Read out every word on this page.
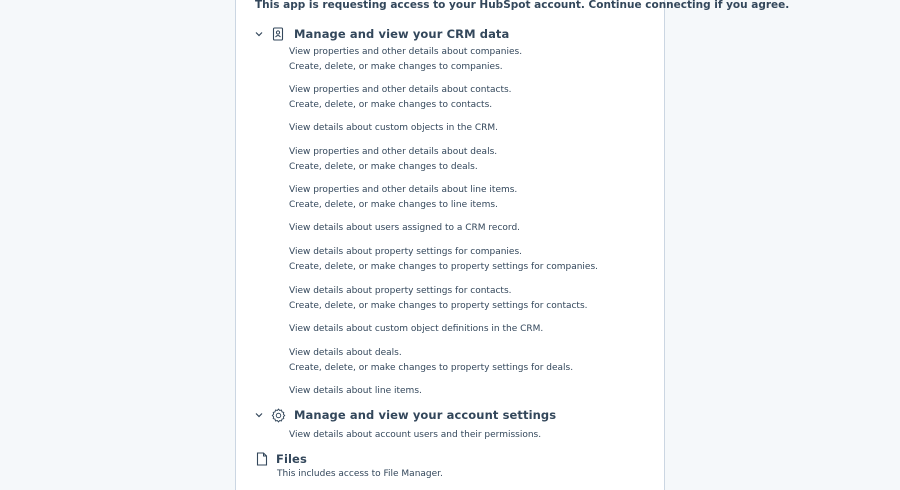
This app is requesting access to your HubSpot account. Continue connecting if you agree.
Manage and view your CRM data
View properties and other details about companies.
Create, delete, or make changes to companies.
View properties and other details about contacts.
Create, delete, or make changes to contacts.
View details about custom objects in the CRM.
View properties and other details about deals.
Create, delete, or make changes to deals.
View properties and other details about line items.
Create, delete, or make changes to line items.
View details about users assigned to a CRM record.
View details about property settings for companies.
Create, delete, or make changes to property settings for companies.
View details about property settings for contacts.
Create, delete, or make changes to property settings for contacts.
View details about custom object definitions in the CRM.
View details about deals.
Create, delete, or make changes to property settings for deals.
View details about line items.
Manage and view your account settings
View details about account users and their permissions.
Files
This includes access to File Manager.
